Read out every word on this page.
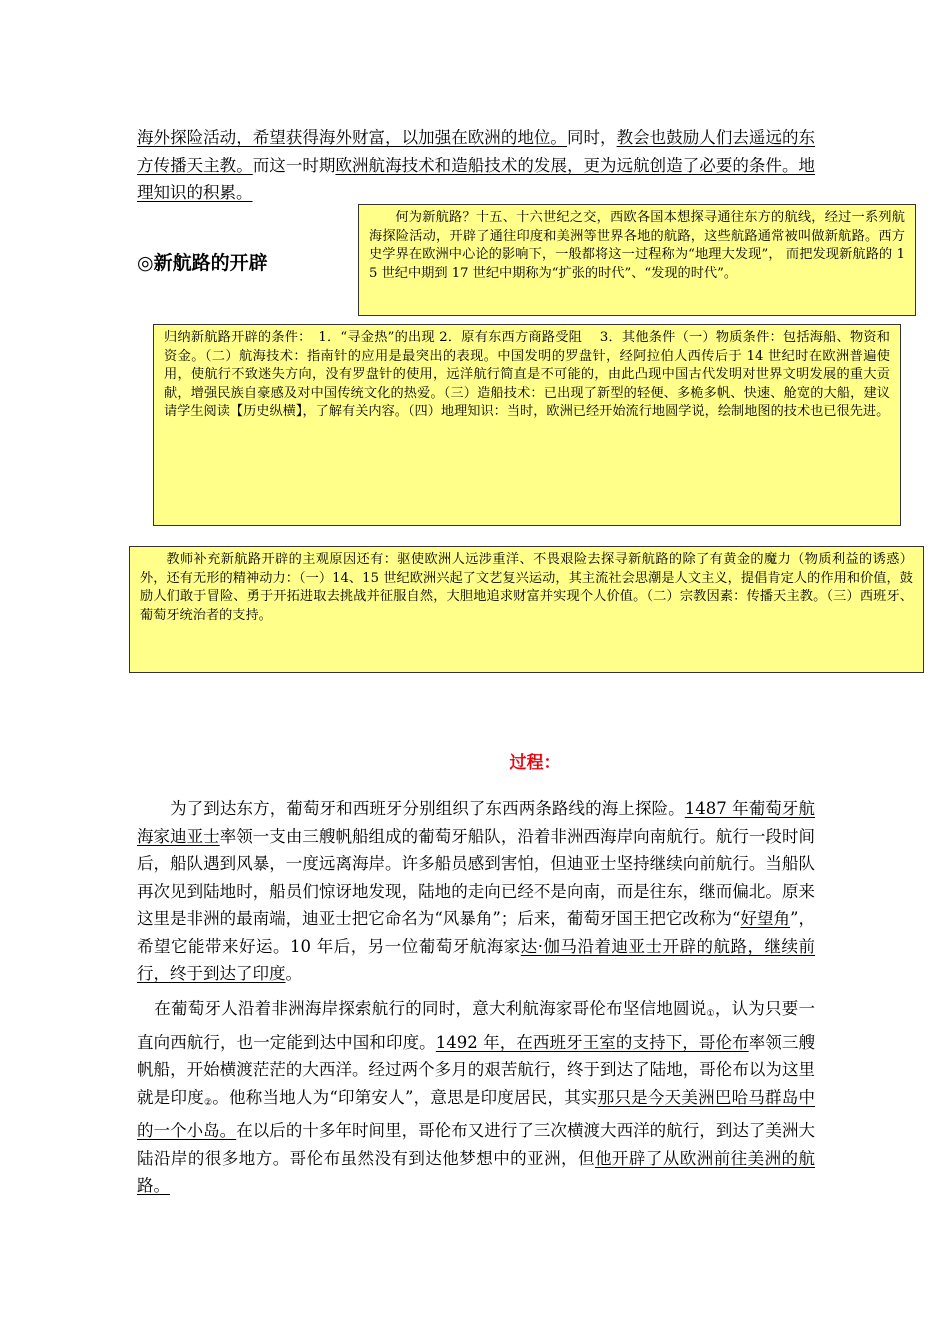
海外探险活动，希望获得海外财富，以加强在欧洲的地位。同时，教会也鼓励人们去遥远的东方传播天主教。而这一时期欧洲航海技术和造船技术的发展，更为远航创造了必要的条件。地理知识的积累。
◎新航路的开辟
何为新航路？十五、十六世纪之交，西欧各国本想探寻通往东方的航线，经过一系列航海探险活动，开辟了通往印度和美洲等世界各地的航路，这些航路通常被叫做新航路。西方史学界在欧洲中心论的影响下，一般都将这一过程称为“地理大发现”， 而把发现新航路的 15 世纪中期到 17 世纪中期称为“扩张的时代”、“发现的时代”。
归纳新航路开辟的条件：　1．“寻金热”的出现 2．原有东西方商路受阻　 3．其他条件（一）物质条件：包括海船、物资和资金。（二）航海技术：指南针的应用是最突出的表现。中国发明的罗盘针，经阿拉伯人西传后于 14 世纪时在欧洲普遍使用，使航行不致迷失方向，没有罗盘针的使用，远洋航行简直是不可能的，由此凸现中国古代发明对世界文明发展的重大贡献，增强民族自豪感及对中国传统文化的热爱。（三）造船技术：已出现了新型的轻便、多桅多帆、快速、舱宽的大船，建议请学生阅读【历史纵横】，了解有关内容。（四）地理知识：当时，欧洲已经开始流行地圆学说，绘制地图的技术也已很先进。
教师补充新航路开辟的主观原因还有：驱使欧洲人远涉重洋、不畏艰险去探寻新航路的除了有黄金的魔力（物质利益的诱惑）外，还有无形的精神动力：（一）14、15 世纪欧洲兴起了文艺复兴运动，其主流社会思潮是人文主义，提倡肯定人的作用和价值，鼓励人们敢于冒险、勇于开拓进取去挑战并征服自然，大胆地追求财富并实现个人价值。（二）宗教因素：传播天主教。（三）西班牙、葡萄牙统治者的支持。
过程：
为了到达东方，葡萄牙和西班牙分别组织了东西两条路线的海上探险。1487 年葡萄牙航海家迪亚士率领一支由三艘帆船组成的葡萄牙船队，沿着非洲西海岸向南航行。航行一段时间后，船队遇到风暴，一度远离海岸。许多船员感到害怕，但迪亚士坚持继续向前航行。当船队再次见到陆地时，船员们惊讶地发现，陆地的走向已经不是向南，而是往东，继而偏北。原来这里是非洲的最南端，迪亚士把它命名为“风暴角”；后来，葡萄牙国王把它改称为“好望角”，希望它能带来好运。10 年后，另一位葡萄牙航海家达·伽马沿着迪亚士开辟的航路，继续前行，终于到达了印度。
在葡萄牙人沿着非洲海岸探索航行的同时，意大利航海家哥伦布坚信地圆说$_①$，认为只要一直向西航行，也一定能到达中国和印度。1492 年，在西班牙王室的支持下，哥伦布率领三艘帆船，开始横渡茫茫的大西洋。经过两个多月的艰苦航行，终于到达了陆地，哥伦布以为这里就是印度$_②$。他称当地人为“印第安人”，意思是印度居民，其实那只是今天美洲巴哈马群岛中的一个小岛。在以后的十多年时间里，哥伦布又进行了三次横渡大西洋的航行，到达了美洲大陆沿岸的很多地方。哥伦布虽然没有到达他梦想中的亚洲，但他开辟了从欧洲前往美洲的航路。
